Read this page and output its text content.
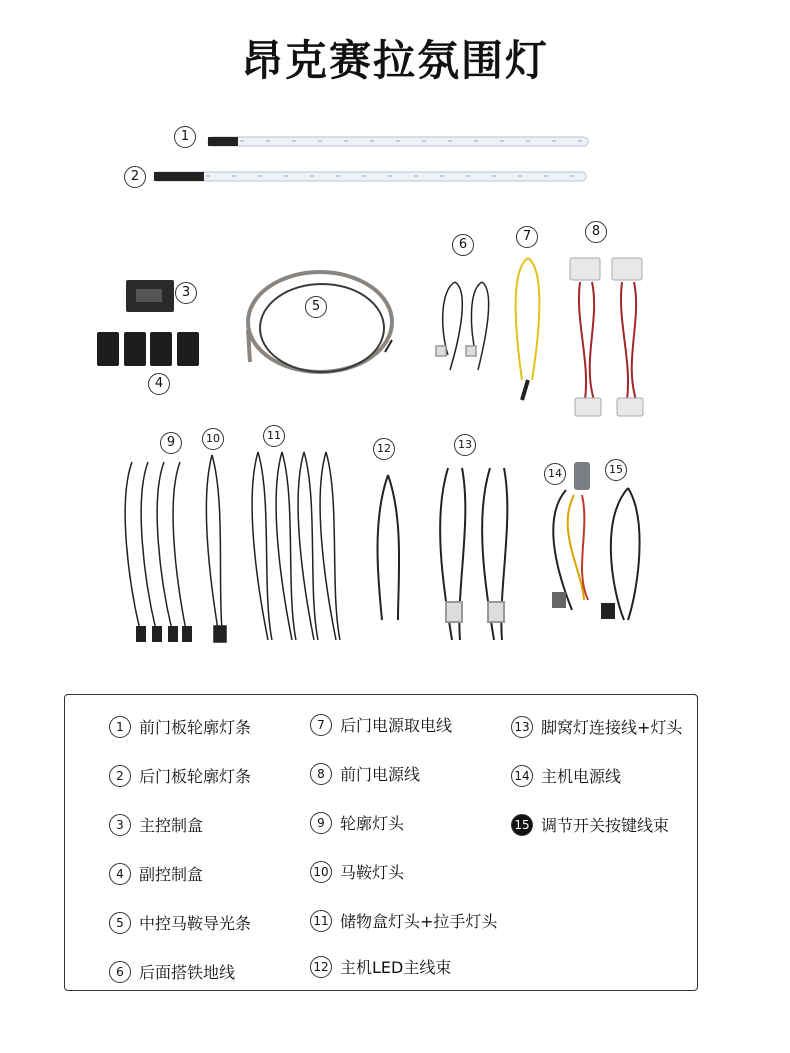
昂克赛拉氛围灯
1
2
3
4
5
6
7	8
9	10	11
12	13
14	15
1 前门板轮廓灯条
2 后门板轮廓灯条
3 主控制盒
4 副控制盒
5 中控马鞍导光条
6 后面搭铁地线
7 后门电源取电线
8 前门电源线
9 轮廓灯头
10 马鞍灯头
11 储物盒灯头+拉手灯头
12 主机LED主线束
13 脚窝灯连接线+灯头
14 主机电源线
15 调节开关按键线束
